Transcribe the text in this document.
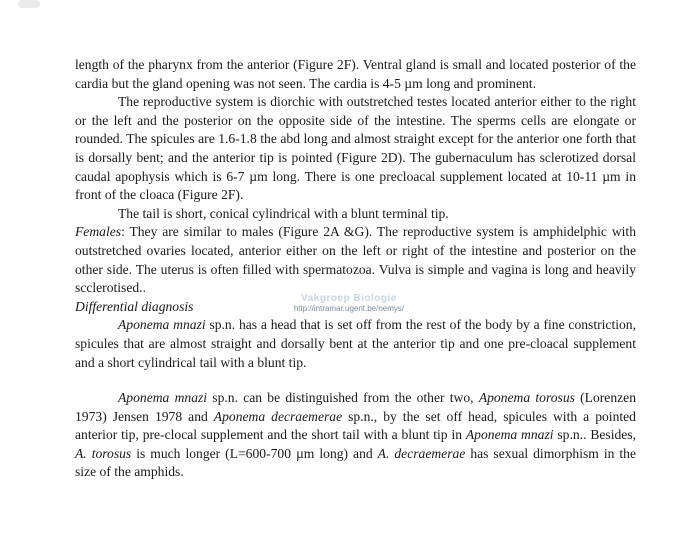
length of the pharynx from the anterior (Figure 2F). Ventral gland is small and located posterior of the cardia but the gland opening was not seen. The cardia is 4-5 µm long and prominent.

The reproductive system is diorchic with outstretched testes located anterior either to the right or the left and the posterior on the opposite side of the intestine. The sperms cells are elongate or rounded. The spicules are 1.6-1.8 the abd long and almost straight except for the anterior one forth that is dorsally bent; and the anterior tip is pointed (Figure 2D). The gubernaculum has sclerotized dorsal caudal apophysis which is 6-7 µm long. There is one precloacal supplement located at 10-11 µm in front of the cloaca (Figure 2F).

The tail is short, conical cylindrical with a blunt terminal tip.

Females: They are similar to males (Figure 2A &G). The reproductive system is amphidelphic with outstretched ovaries located, anterior either on the left or right of the intestine and posterior on the other side. The uterus is often filled with spermatozoa. Vulva is simple and vagina is long and heavily scclerotised..

Differential diagnosis

Aponema mnazi sp.n. has a head that is set off from the rest of the body by a fine constriction, spicules that are almost straight and dorsally bent at the anterior tip and one pre-cloacal supplement and a short cylindrical tail with a blunt tip.

Aponema mnazi sp.n. can be distinguished from the other two, Aponema torosus (Lorenzen 1973) Jensen 1978 and Aponema decraemerae sp.n., by the set off head, spicules with a pointed anterior tip, pre-clocal supplement and the short tail with a blunt tip in Aponema mnazi sp.n.. Besides, A. torosus is much longer (L=600-700 µm long) and A. decraemerae has sexual dimorphism in the size of the amphids.

Vakgroep Biologie
http://intramar.ugent.be/nemys/
